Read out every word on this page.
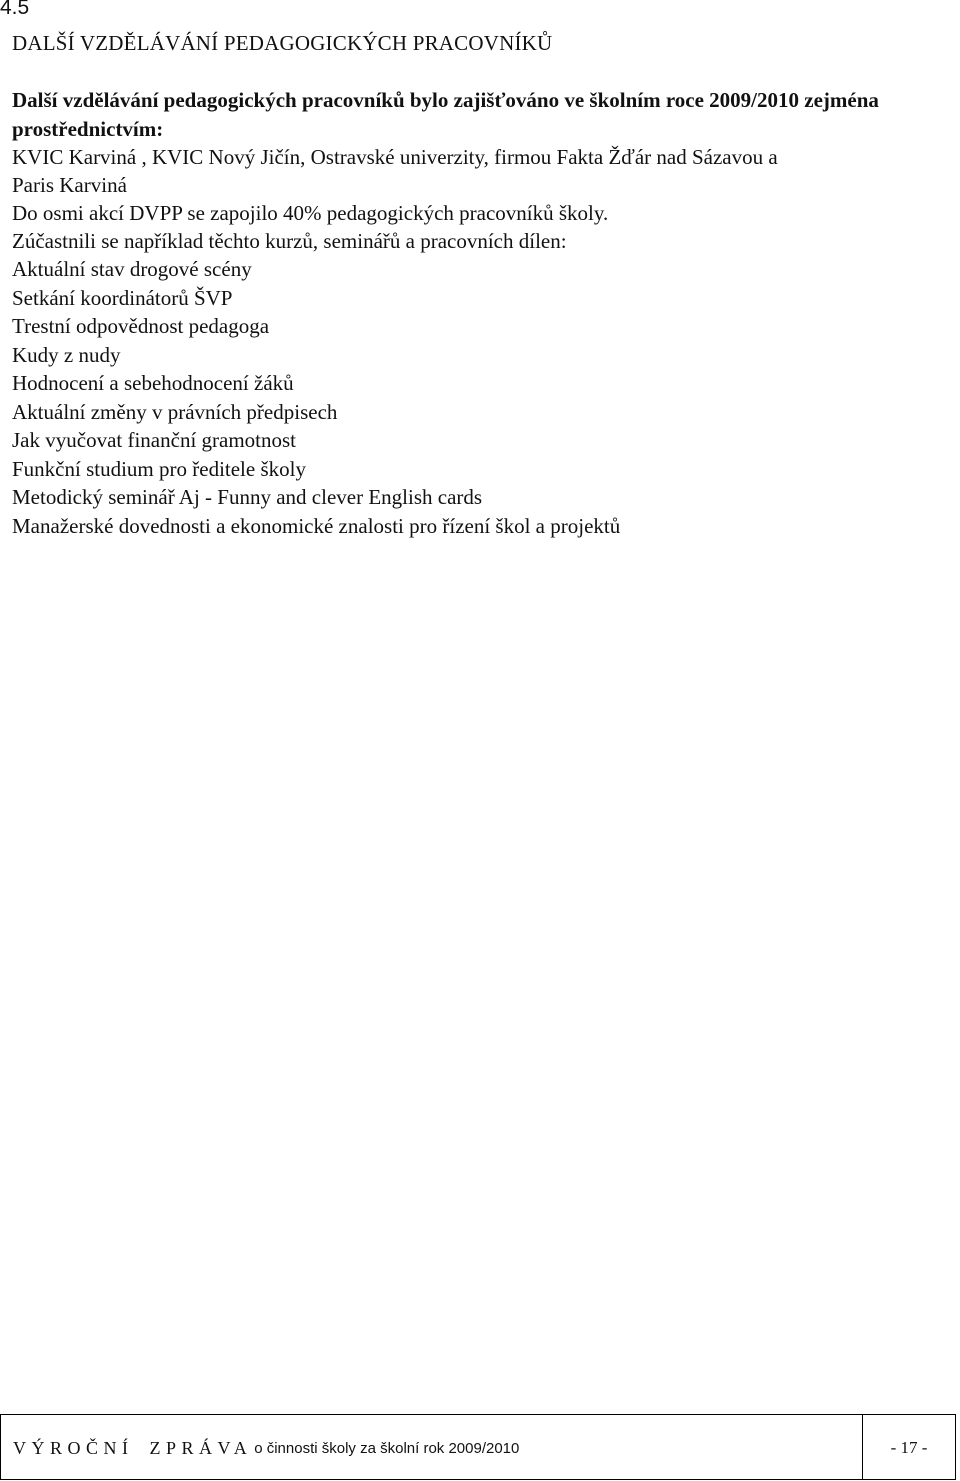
4.5
DALŠÍ VZDĚLÁVÁNÍ PEDAGOGICKÝCH PRACOVNÍKŮ

Další vzdělávání pedagogických pracovníků bylo zajišťováno ve školním roce 2009/2010 zejména prostřednictvím:

KVIC Karviná , KVIC Nový Jičín, Ostravské univerzity, firmou Fakta Žďár nad Sázavou a

Paris Karviná

Do osmi akcí DVPP se zapojilo 40% pedagogických pracovníků školy.

Zúčastnili se například těchto kurzů, seminářů a pracovních dílen:

Aktuální stav drogové scény
Setkání koordinátorů ŠVP
Trestní odpovědnost pedagoga
Kudy z nudy
Hodnocení a sebehodnocení žáků
Aktuální změny v právních předpisech
Jak vyučovat finanční gramotnost
Funkční studium pro ředitele školy
Metodický seminář Aj - Funny and clever English cards
Manažerské dovednosti a ekonomické znalosti pro řízení škol a projektů
VÝROČNÍ ZPRÁVA o činnosti školy za školní rok 2009/2010	- 17 -
